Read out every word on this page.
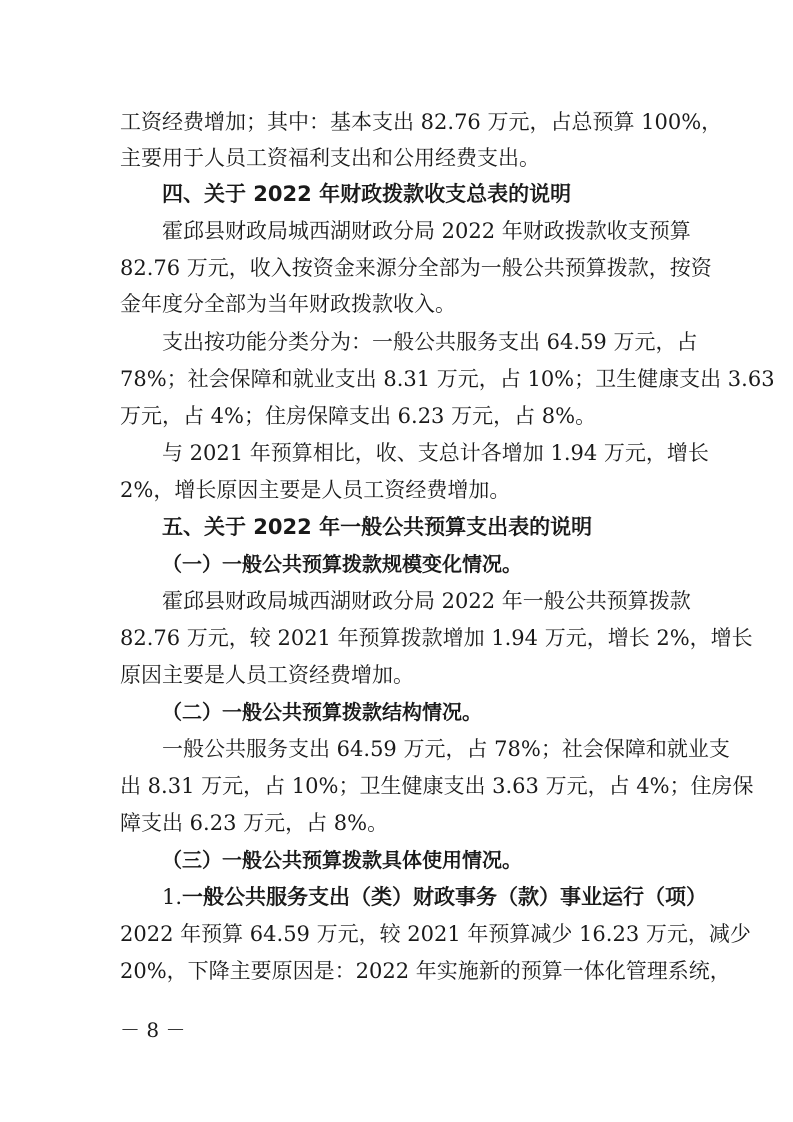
工资经费增加；其中：基本支出 82.76 万元，占总预算 100%，
主要用于人员工资福利支出和公用经费支出。
四、关于 2022 年财政拨款收支总表的说明
霍邱县财政局城西湖财政分局 2022 年财政拨款收支预算
82.76 万元，收入按资金来源分全部为一般公共预算拨款，按资
金年度分全部为当年财政拨款收入。
支出按功能分类分为：一般公共服务支出 64.59 万元，占
78%；社会保障和就业支出 8.31 万元，占 10%；卫生健康支出 3.63
万元，占 4%；住房保障支出 6.23 万元，占 8%。
与 2021 年预算相比，收、支总计各增加 1.94 万元，增长
2%，增长原因主要是人员工资经费增加。
五、关于 2022 年一般公共预算支出表的说明
（一）一般公共预算拨款规模变化情况。
霍邱县财政局城西湖财政分局 2022 年一般公共预算拨款
82.76 万元，较 2021 年预算拨款增加 1.94 万元，增长 2%，增长
原因主要是人员工资经费增加。
（二）一般公共预算拨款结构情况。
一般公共服务支出 64.59 万元，占 78%；社会保障和就业支
出 8.31 万元，占 10%；卫生健康支出 3.63 万元，占 4%；住房保
障支出 6.23 万元，占 8%。
（三）一般公共预算拨款具体使用情况。
1.一般公共服务支出（类）财政事务（款）事业运行（项）
2022 年预算 64.59 万元，较 2021 年预算减少 16.23 万元，减少
20%，下降主要原因是：2022 年实施新的预算一体化管理系统，
－ 8 －
